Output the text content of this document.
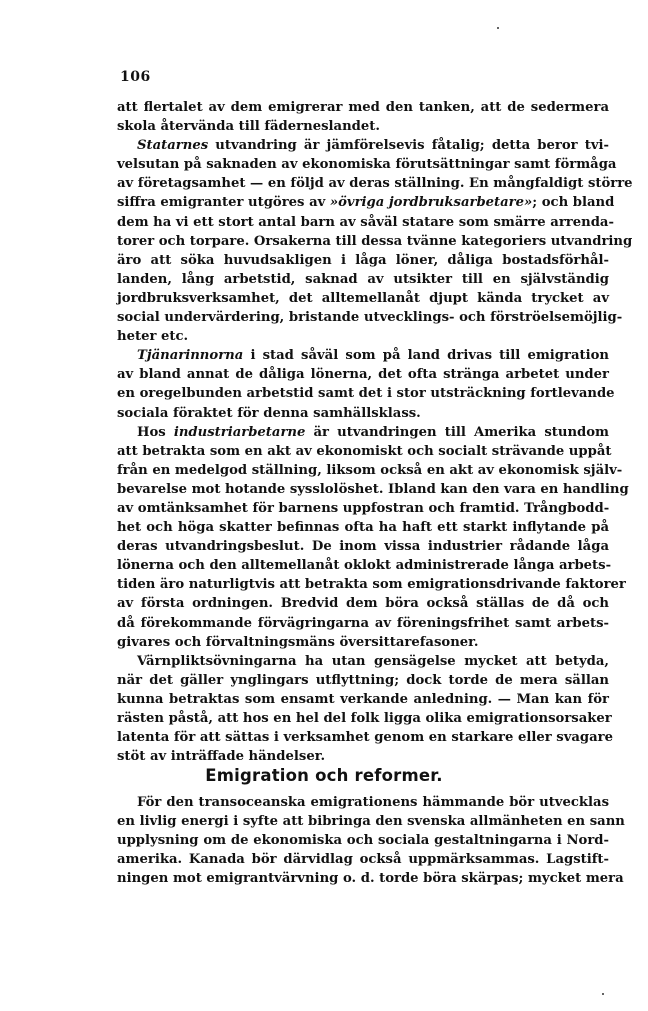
106
att flertalet av dem emigrerar med den tanken, att de sedermera
skola återvända till fäderneslandet.
Statarnes utvandring är jämförelsevis fåtalig; detta beror tvi-
velsutan på saknaden av ekonomiska förutsättningar samt förmåga
av företagsamhet — en följd av deras ställning. En mångfaldigt större
siffra emigranter utgöres av »övriga jordbruksarbetare»; och bland
dem ha vi ett stort antal barn av såväl statare som smärre arrenda-
torer och torpare. Orsakerna till dessa tvänne kategoriers utvandring
äro att söka huvudsakligen i låga löner, dåliga bostadsförhål-
landen, lång arbetstid, saknad av utsikter till en självständig
jordbruksverksamhet, det alltemellanåt djupt kända trycket av
social undervärdering, bristande utvecklings- och förströelsemöjlig-
heter etc.
Tjänarinnorna i stad såväl som på land drivas till emigration
av bland annat de dåliga lönerna, det ofta stränga arbetet under
en oregelbunden arbetstid samt det i stor utsträckning fortlevande
sociala föraktet för denna samhällsklass.
Hos industriarbetarne är utvandringen till Amerika stundom
att betrakta som en akt av ekonomiskt och socialt strävande uppåt
från en medelgod ställning, liksom också en akt av ekonomisk själv-
bevarelse mot hotande sysslolöshet. Ibland kan den vara en handling
av omtänksamhet för barnens uppfostran och framtid. Trångbodd-
het och höga skatter befinnas ofta ha haft ett starkt inflytande på
deras utvandringsbeslut. De inom vissa industrier rådande låga
lönerna och den alltemellanåt oklokt administrerade långa arbets-
tiden äro naturligtvis att betrakta som emigrationsdrivande faktorer
av första ordningen. Bredvid dem böra också ställas de då och
då förekommande förvägringarna av föreningsfrihet samt arbets-
givares och förvaltningsmäns översittarefasoner.
Värnpliktsövningarna ha utan gensägelse mycket att betyda,
när det gäller ynglingars utflyttning; dock torde de mera sällan
kunna betraktas som ensamt verkande anledning. — Man kan för
rästen påstå, att hos en hel del folk ligga olika emigrationsorsaker
latenta för att sättas i verksamhet genom en starkare eller svagare
stöt av inträffade händelser.
Emigration och reformer.
För den transoceanska emigrationens hämmande bör utvecklas
en livlig energi i syfte att bibringa den svenska allmänheten en sann
upplysning om de ekonomiska och sociala gestaltningarna i Nord-
amerika. Kanada bör därvidlag också uppmärksammas. Lagstift-
ningen mot emigrantvärvning o. d. torde böra skärpas; mycket mera
